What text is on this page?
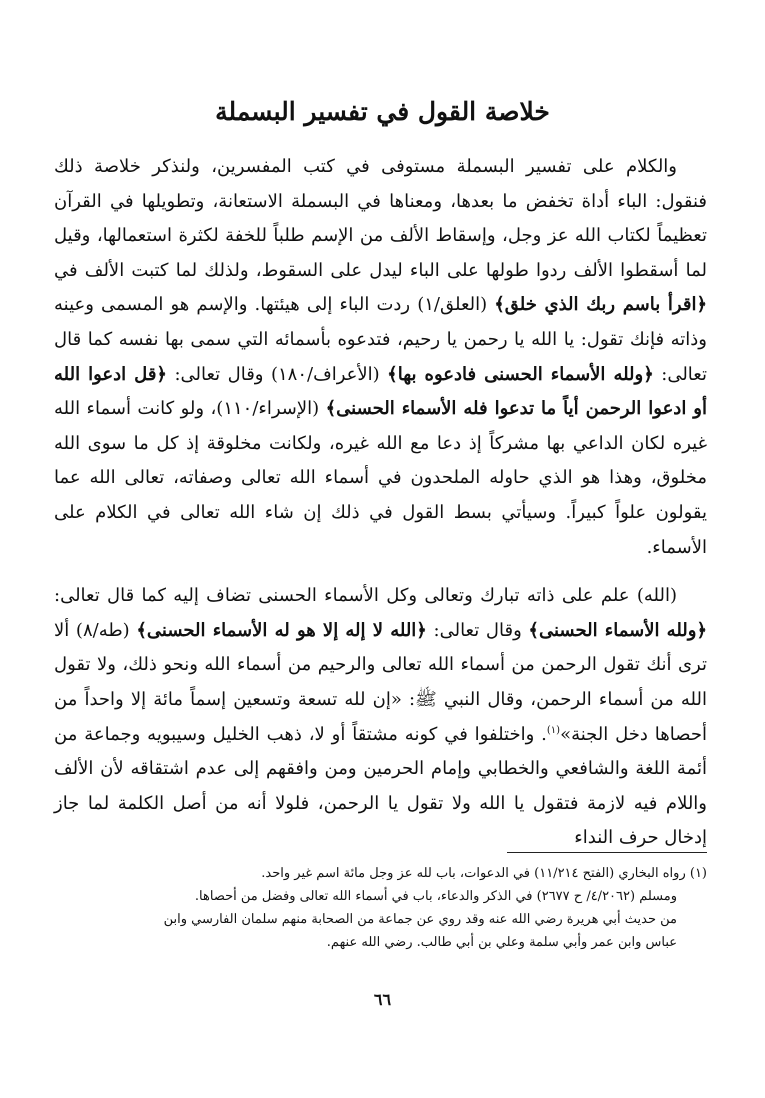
خلاصة القول في تفسير البسملة

والكلام على تفسير البسملة مستوفى في كتب المفسرين، ولنذكر خلاصة ذلك فنقول: الباء أداة تخفض ما بعدها، ومعناها في البسملة الاستعانة، وتطويلها في القرآن تعظيماً لكتاب الله عز وجل، وإسقاط الألف من الإسم طلباً للخفة لكثرة استعمالها، وقيل لما أسقطوا الألف ردوا طولها على الباء ليدل على السقوط، ولذلك لما كتبت الألف في ﴿اقرأ باسم ربك الذي خلق﴾ (العلق/١) ردت الباء إلى هيئتها. والإسم هو المسمى وعينه وذاته فإنك تقول: يا الله يا رحمن يا رحيم، فتدعوه بأسمائه التي سمى بها نفسه كما قال تعالى: ﴿ولله الأسماء الحسنى فادعوه بها﴾ (الأعراف/١٨٠) وقال تعالى: ﴿قل ادعوا الله أو ادعوا الرحمن أياً ما تدعوا فله الأسماء الحسنى﴾ (الإسراء/١١٠)، ولو كانت أسماء الله غيره لكان الداعي بها مشركاً إذ دعا مع الله غيره، ولكانت مخلوقة إذ كل ما سوى الله مخلوق، وهذا هو الذي حاوله الملحدون في أسماء الله تعالى وصفاته، تعالى الله عما يقولون علواً كبيراً. وسيأتي بسط القول في ذلك إن شاء الله تعالى في الكلام على الأسماء.

(الله) علم على ذاته تبارك وتعالى وكل الأسماء الحسنى تضاف إليه كما قال تعالى: ﴿ولله الأسماء الحسنى﴾ وقال تعالى: ﴿الله لا إله إلا هو له الأسماء الحسنى﴾ (طه/٨) ألا ترى أنك تقول الرحمن من أسماء الله تعالى والرحيم من أسماء الله ونحو ذلك، ولا تقول الله من أسماء الرحمن، وقال النبي ﷺ: «إن لله تسعة وتسعين إسماً مائة إلا واحداً من أحصاها دخل الجنة»$^{(١)}$. واختلفوا في كونه مشتقاً أو لا، ذهب الخليل وسيبويه وجماعة من أئمة اللغة والشافعي والخطابي وإمام الحرمين ومن وافقهم إلى عدم اشتقاقه لأن الألف واللام فيه لازمة فتقول يا الله ولا تقول يا الرحمن، فلولا أنه من أصل الكلمة لما جاز إدخال حرف النداء

(١) رواه البخاري (الفتح ١١/٢١٤) في الدعوات، باب لله عز وجل مائة اسم غير واحد.

ومسلم (٤/٢٠٦٢/ ح ٢٦٧٧) في الذكر والدعاء، باب في أسماء الله تعالى وفضل من أحصاها.

من حديث أبي هريرة رضي الله عنه وقد روي عن جماعة من الصحابة منهم سلمان الفارسي وابن

عباس وابن عمر وأبي سلمة وعلي بن أبي طالب. رضي الله عنهم.

٦٦
